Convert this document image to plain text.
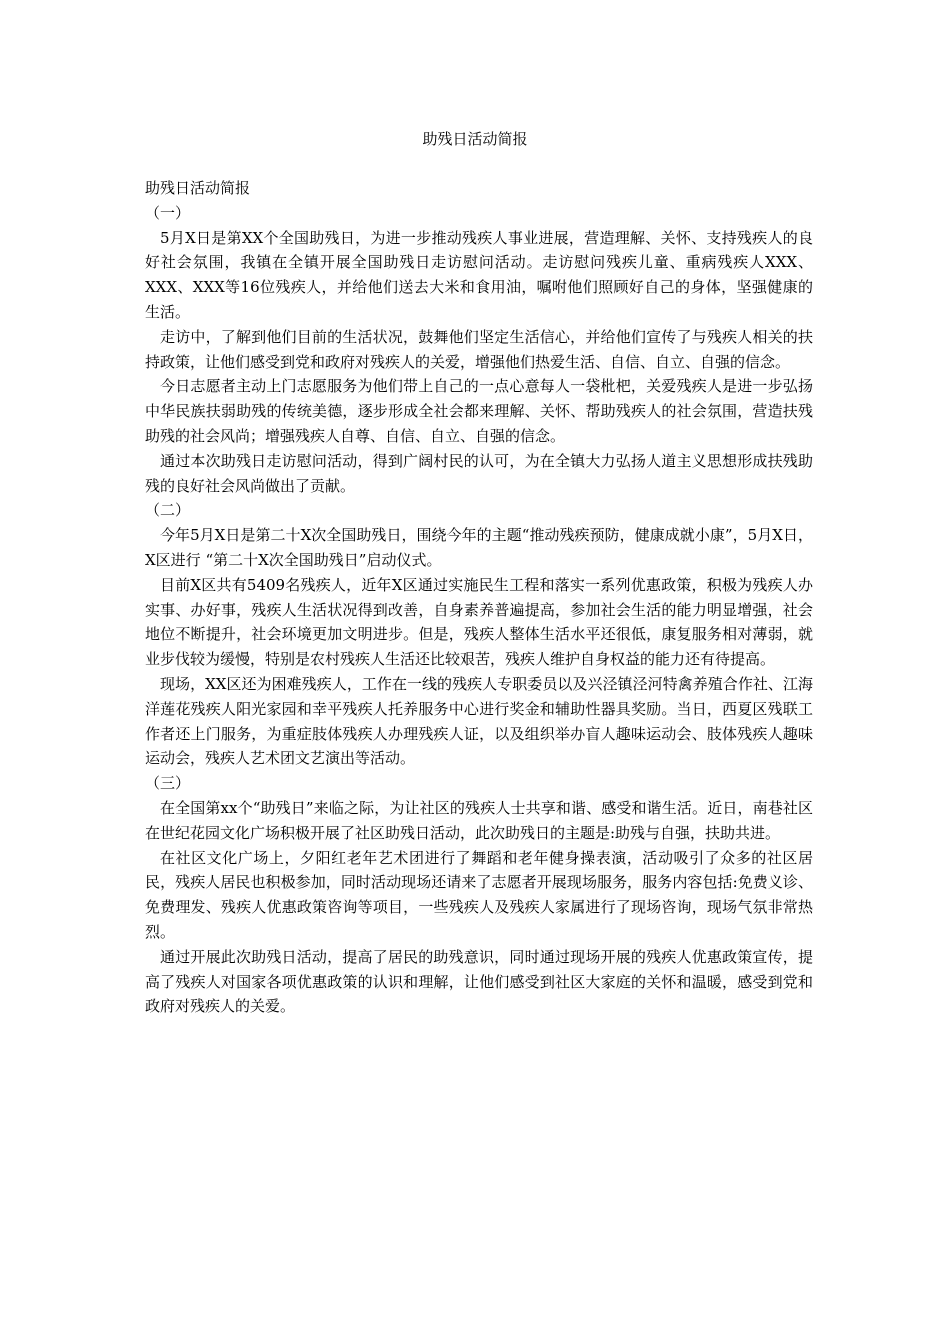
助残日活动简报

助残日活动简报

（一）

5月X日是第XX个全国助残日，为进一步推动残疾人事业进展，营造理解、关怀、支持残疾人的良好社会氛围，我镇在全镇开展全国助残日走访慰问活动。走访慰问残疾儿童、重病残疾人XXX、XXX、XXX等16位残疾人，并给他们送去大米和食用油，嘱咐他们照顾好自己的身体，坚强健康的生活。

走访中，了解到他们目前的生活状况，鼓舞他们坚定生活信心，并给他们宣传了与残疾人相关的扶持政策，让他们感受到党和政府对残疾人的关爱，增强他们热爱生活、自信、自立、自强的信念。

今日志愿者主动上门志愿服务为他们带上自己的一点心意每人一袋枇杷，关爱残疾人是进一步弘扬中华民族扶弱助残的传统美德，逐步形成全社会都来理解、关怀、帮助残疾人的社会氛围，营造扶残助残的社会风尚；增强残疾人自尊、自信、自立、自强的信念。

通过本次助残日走访慰问活动，得到广阔村民的认可，为在全镇大力弘扬人道主义思想形成扶残助残的良好社会风尚做出了贡献。

（二）

今年5月X日是第二十X次全国助残日，围绕今年的主题“推动残疾预防，健康成就小康”，5月X日，X区进行 “第二十X次全国助残日”启动仪式。

目前X区共有5409名残疾人，近年X区通过实施民生工程和落实一系列优惠政策，积极为残疾人办实事、办好事，残疾人生活状况得到改善，自身素养普遍提高，参加社会生活的能力明显增强，社会地位不断提升，社会环境更加文明进步。但是，残疾人整体生活水平还很低，康复服务相对薄弱，就业步伐较为缓慢，特别是农村残疾人生活还比较艰苦，残疾人维护自身权益的能力还有待提高。

现场，XX区还为困难残疾人，工作在一线的残疾人专职委员以及兴泾镇泾河特禽养殖合作社、江海洋莲花残疾人阳光家园和幸平残疾人托养服务中心进行奖金和辅助性器具奖励。当日，西夏区残联工作者还上门服务，为重症肢体残疾人办理残疾人证，以及组织举办盲人趣味运动会、肢体残疾人趣味运动会，残疾人艺术团文艺演出等活动。

（三）

在全国第xx个“助残日”来临之际，为让社区的残疾人士共享和谐、感受和谐生活。近日，南巷社区在世纪花园文化广场积极开展了社区助残日活动，此次助残日的主题是:助残与自强，扶助共进。

在社区文化广场上，夕阳红老年艺术团进行了舞蹈和老年健身操表演，活动吸引了众多的社区居民，残疾人居民也积极参加，同时活动现场还请来了志愿者开展现场服务，服务内容包括:免费义诊、免费理发、残疾人优惠政策咨询等项目，一些残疾人及残疾人家属进行了现场咨询，现场气氛非常热烈。

通过开展此次助残日活动，提高了居民的助残意识，同时通过现场开展的残疾人优惠政策宣传，提高了残疾人对国家各项优惠政策的认识和理解，让他们感受到社区大家庭的关怀和温暖，感受到党和政府对残疾人的关爱。
